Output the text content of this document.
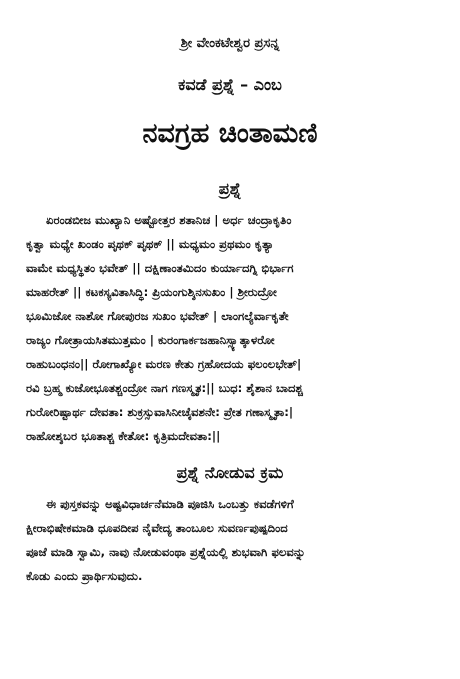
ಶ್ರೀ ವೇಂಕಟೇಶ್ವರ ಪ್ರಸನ್ನ
ಕವಡೆ ಪ್ರಶ್ನೆ – ಎಂಬ
ನವಗ್ರಹ ಚಿಂತಾಮಣಿ
ಪ್ರಶ್ನೆ
ಏರಂಡಬೀಜ ಮುಖ್ಯಾನಿ ಅಷ್ಟೋತ್ತರ ಶತಾನಿಚ | ಅರ್ಧ ಚಂದ್ರಾಕೃತಿಂ
ಕೃತ್ವಾ ಮಧ್ಯೇ ಖಂಡಂ ಪೃಥಕ್ ಪೃಥಕ್ || ಮಧ್ಯಮಂ ಪ್ರಥಮಂ ಕೃತ್ಯಾ
ವಾಮೇ ಮಧ್ಯಸ್ಥಿತಂ ಭವೇತ್ || ದಕ್ಷಿಣಾಂತಮಿದಂ ಕುರ್ಯಾದಗ್ನಿ ಭಿರ್ಭಾಗ
ಮಾಹರೇತ್ || ಕಟಕಸ್ಯವಿತಾಸಿದ್ಧಿ: ಪ್ರಿಯಂಗುಶ್ಶಿನಸುಖಂ | ಶ್ರೀರುದ್ರೋ
ಭೂಮಿಜೋ ನಾಶೋ ಗೋಪುರಜ ಸುಖಂ ಭವೇತ್ | ಲಾಂಗಲ್ಯೆರ್ವಾಕೃತೇ
ರಾಜ್ಯಂ ಗೋತ್ರಾಯಸಿತಮುತ್ತಮಂ | ಕುರಂಗಾರ್ಕಜಹಾನಿಸ್ಸ್ಯಾತ್ಕಾಳರೋ
ರಾಹುಬಂಧನಂ|| ರೋಗಾಖ್ಯೋ ಮರಣ ಕೇತು ಗ್ರಹೋದಯ ಫಲಂಲಭೇತ್|
ರವಿ ಬ್ರಹ್ಮ ಕುಜೋಭೂತಶ್ಚಂದ್ರೋ ನಾಗ ಗಣಸ್ಮೃತ:|| ಬುಧ: ಶೈಶಾನ ಬಾದಶ್ಚ
ಗುರೋರಿಷ್ಟಾರ್ಥ ದೇವತಾ: ಶುಕ್ರಸ್ಸುವಾಸಿನೀಚೈವಶನೇ: ಪ್ರೇತ ಗಣಾಸ್ಮೃತಾ:|
ರಾಹೋಶ್ಶಬರ ಭೂತಾಶ್ಚ ಕೇತೋ: ಕೃತ್ರಿಮದೇವತಾ:||
ಪ್ರಶ್ನೆ ನೋಡುವ ಕ್ರಮ
ಈ ಪುಸ್ತಕವನ್ನು ಅಷ್ಟವಿಧಾರ್ಚನೆಮಾಡಿ ಪೂಜಿಸಿ ಒಂಬತ್ತು ಕವಡೆಗಳಿಗೆ
ಕ್ಷೀರಾಭಿಷೇಕಮಾಡಿ ಧೂಪದೀಪ ನೈವೇದ್ಯ ತಾಂಬೂಲ ಸುವರ್ಣಪುಷ್ಪದಿಂದ
ಪೂಜೆ ಮಾಡಿ ಸ್ವಾಮಿ, ನಾವು ನೋಡುವಂಥಾ ಪ್ರಶ್ನೆಯಲ್ಲಿ ಶುಭವಾಗಿ ಫಲವನ್ನು
ಕೊಡು ಎಂದು ಪ್ರಾರ್ಥಿಸುವುದು.
